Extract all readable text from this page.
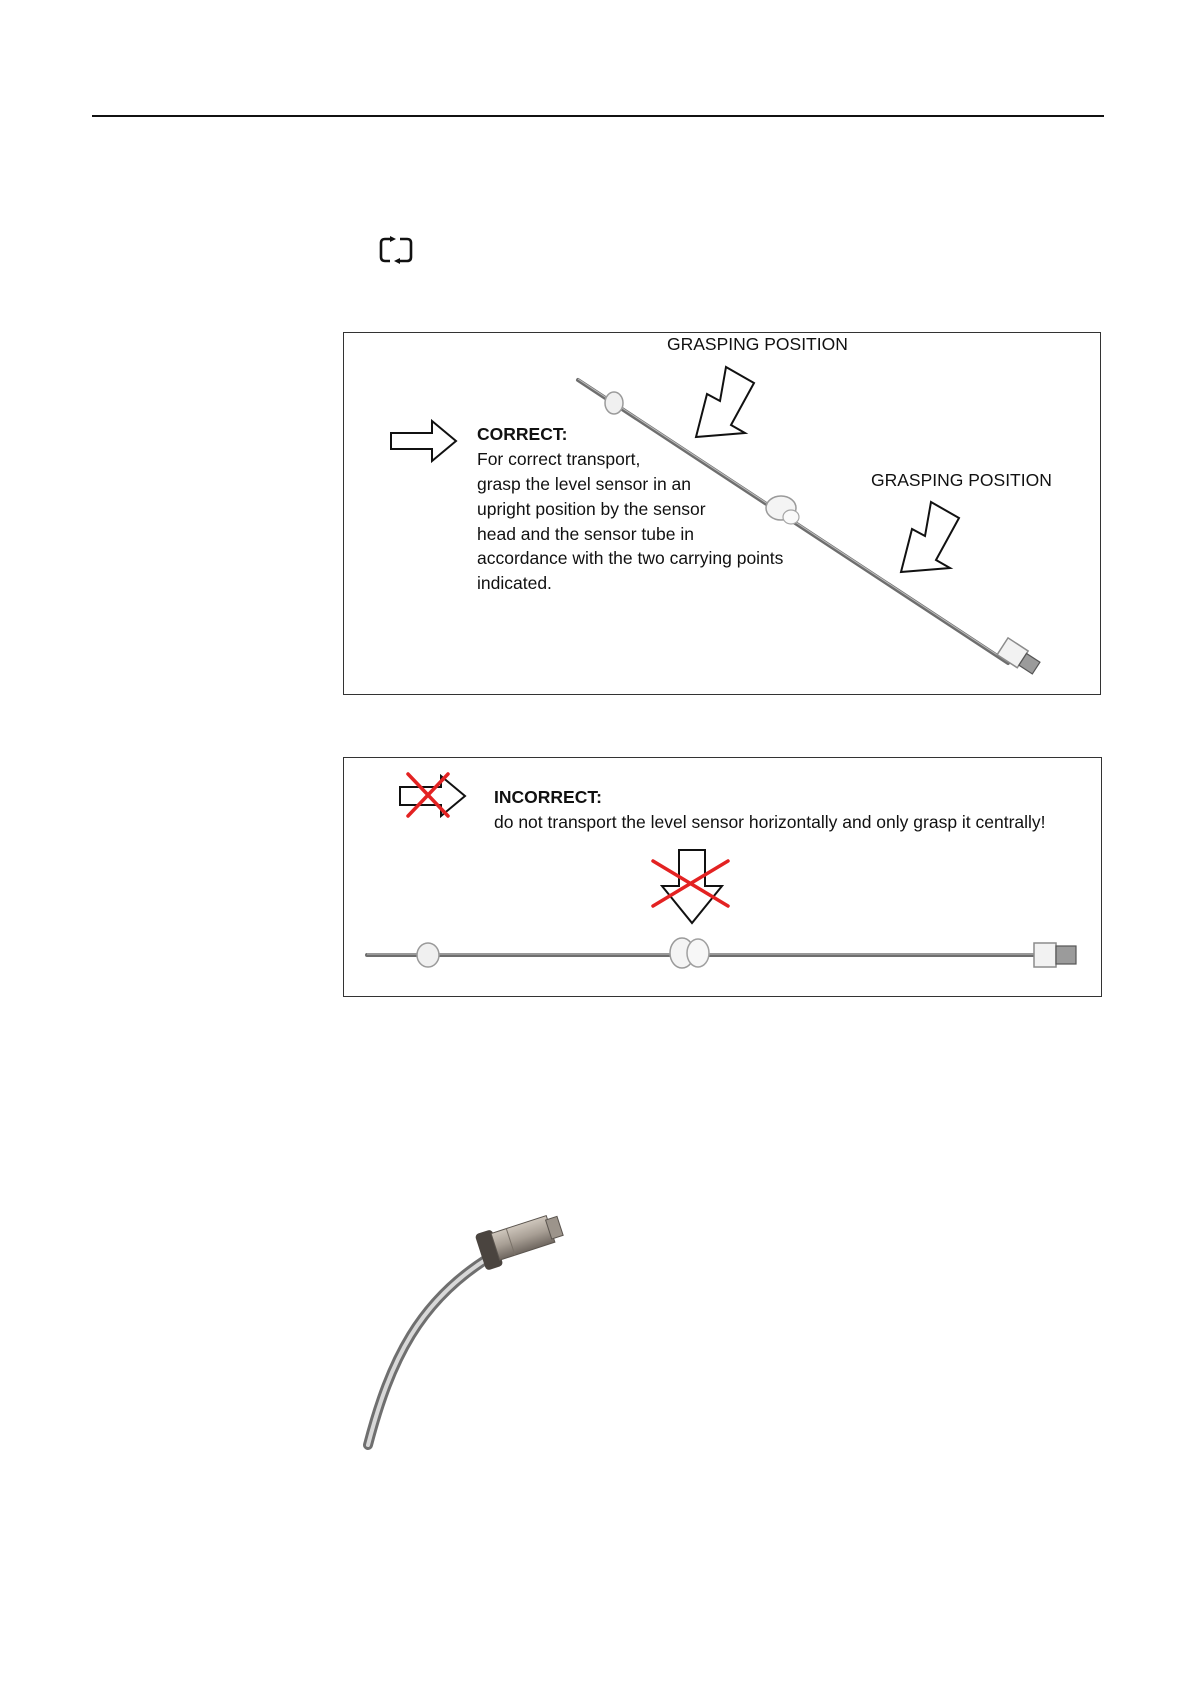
GRASPING POSITION
GRASPING POSITION
CORRECT:
For correct transport,
grasp the level sensor in an
upright position by the sensor
head and the sensor tube in
accordance with the two carrying points
indicated.
INCORRECT:
do not transport the level sensor horizontally and only grasp it centrally!
